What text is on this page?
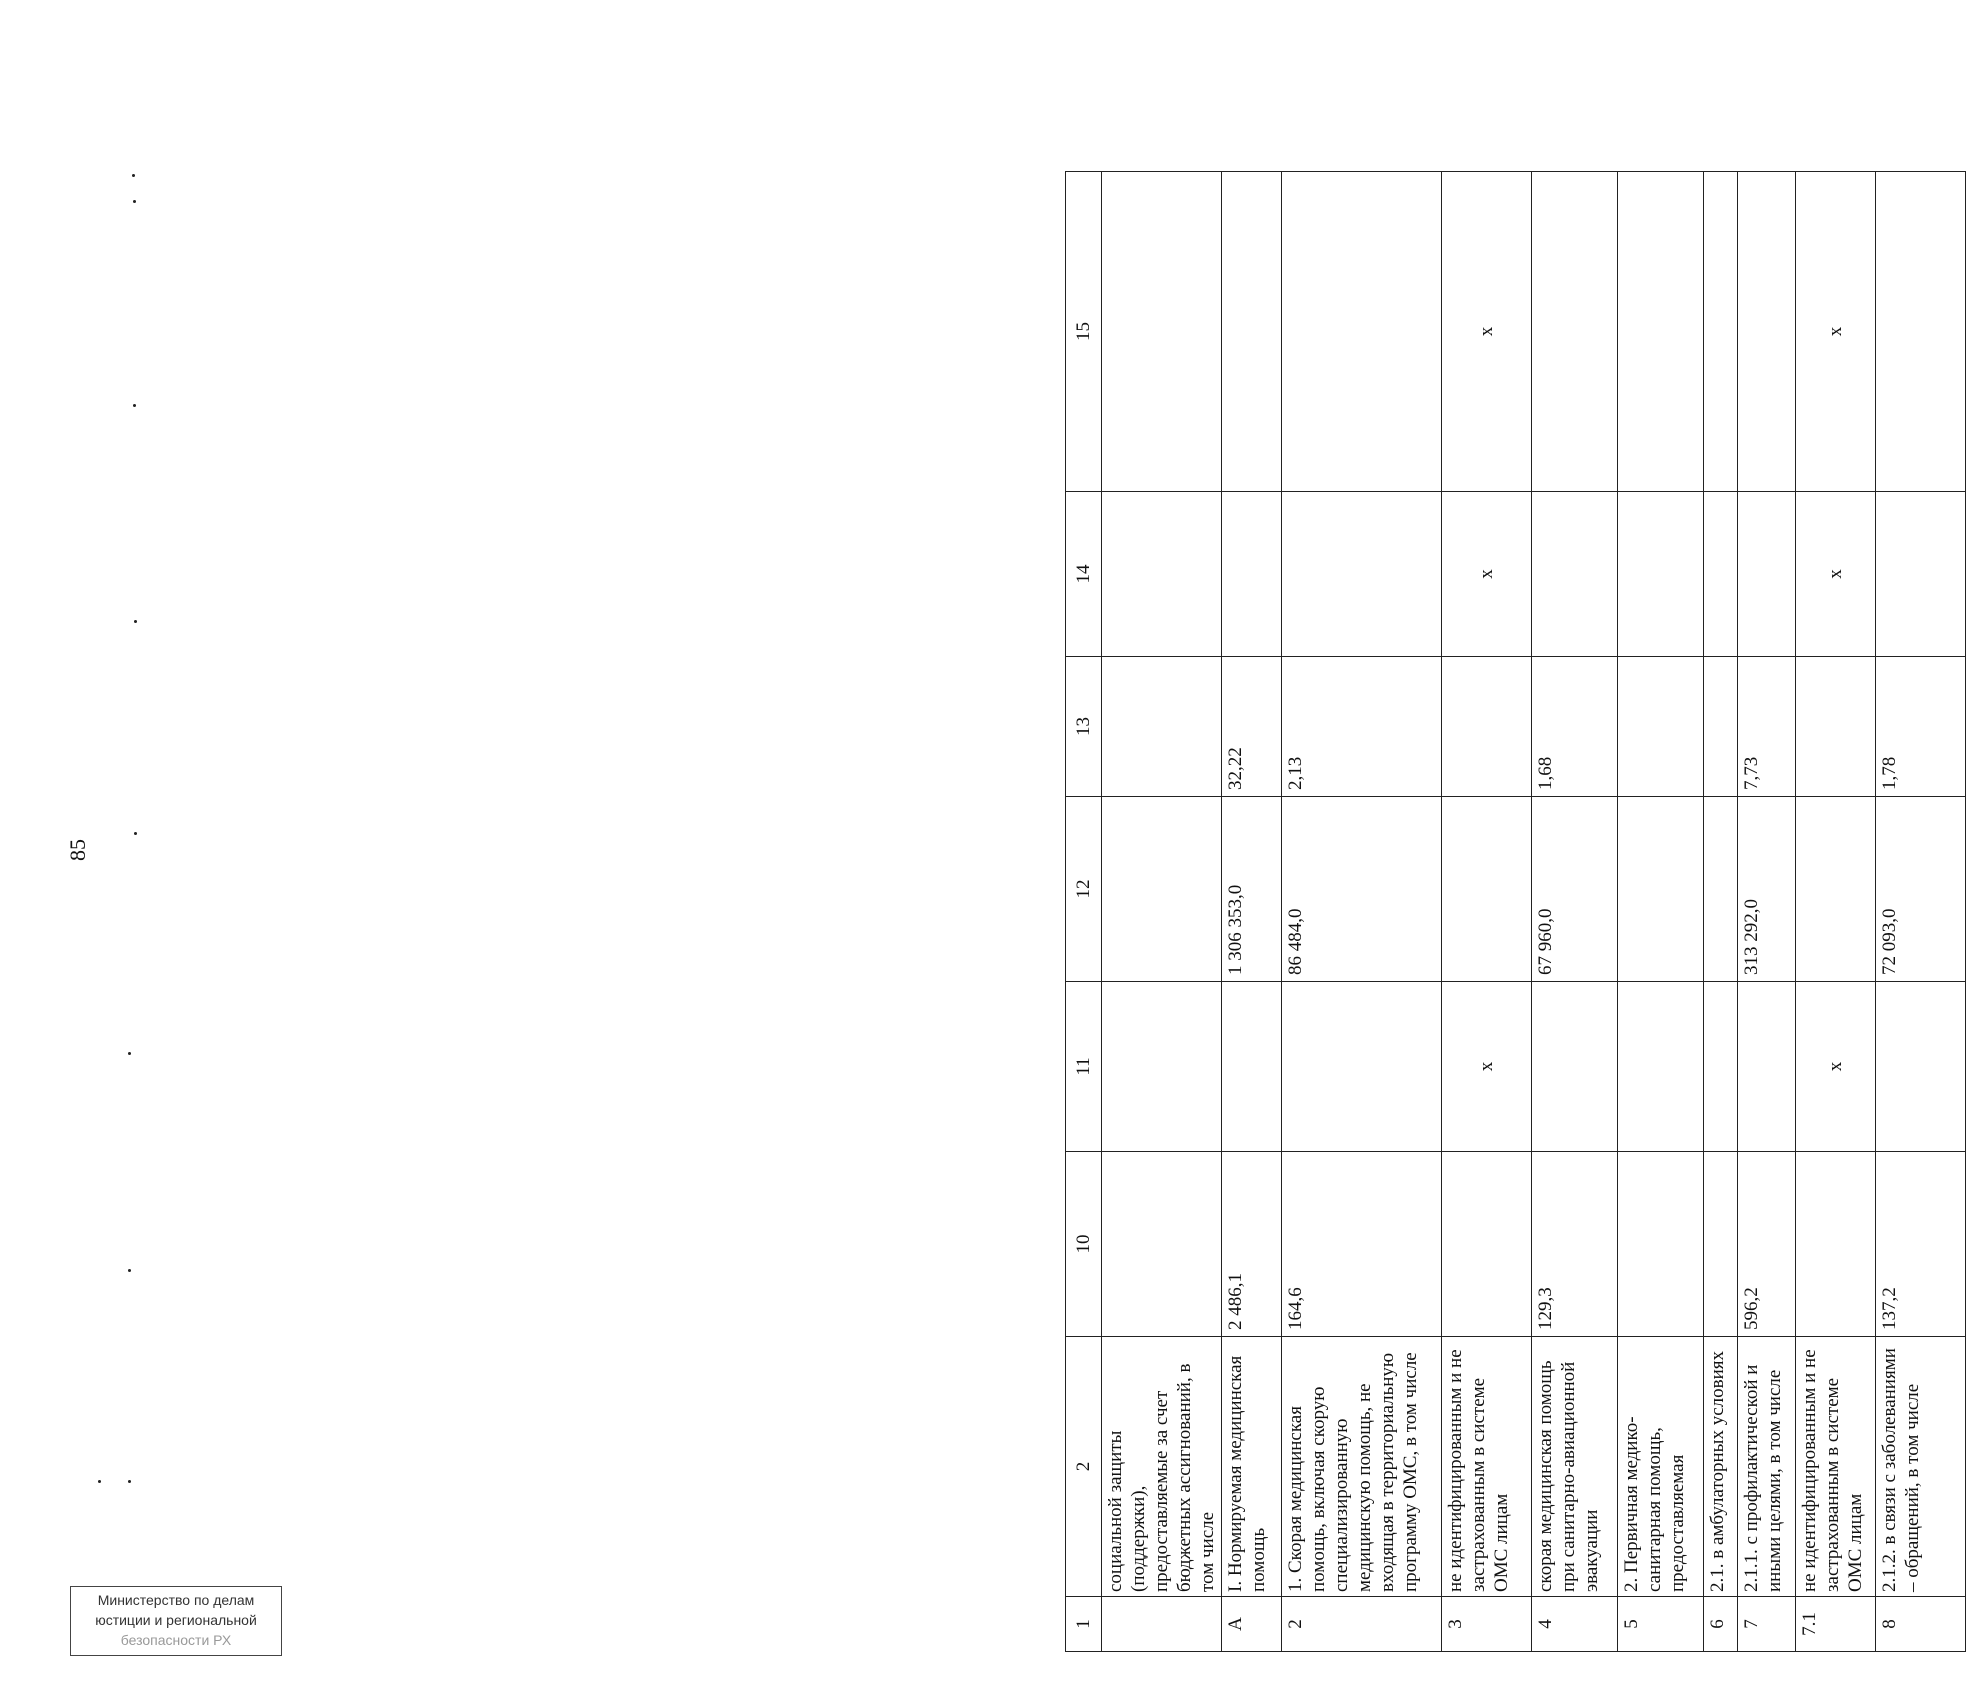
85
1	2	10	11	12	13	14	15
	социальной защиты (поддержки), предоставляемые за счет бюджетных ассигнований, в том числе						
А	I. Нормируемая медицинская помощь	2 486,1		1 306 353,0	32,22		
2	1. Скорая медицинская помощь, включая скорую специализированную медицинскую помощь, не входящая в территориальную программу ОМС, в том числе	164,6		86 484,0	2,13		
3	не идентифицированным и не застрахованным в системе ОМС лицам		x			x	x
4	скорая медицинская помощь при санитарно-авиационной эвакуации	129,3		67 960,0	1,68		
5	2. Первичная медико-санитарная помощь, предоставляемая						
6	2.1. в амбулаторных условиях						
7	2.1.1. с профилактической и иными целями, в том числе	596,2		313 292,0	7,73		
7.1	не идентифицированным и не застрахованным в системе ОМС лицам		x			x	x
8	2.1.2. в связи с заболеваниями – обращений, в том числе	137,2		72 093,0	1,78		
Министерство по делам
юстиции и региональной
безопасности РХ
